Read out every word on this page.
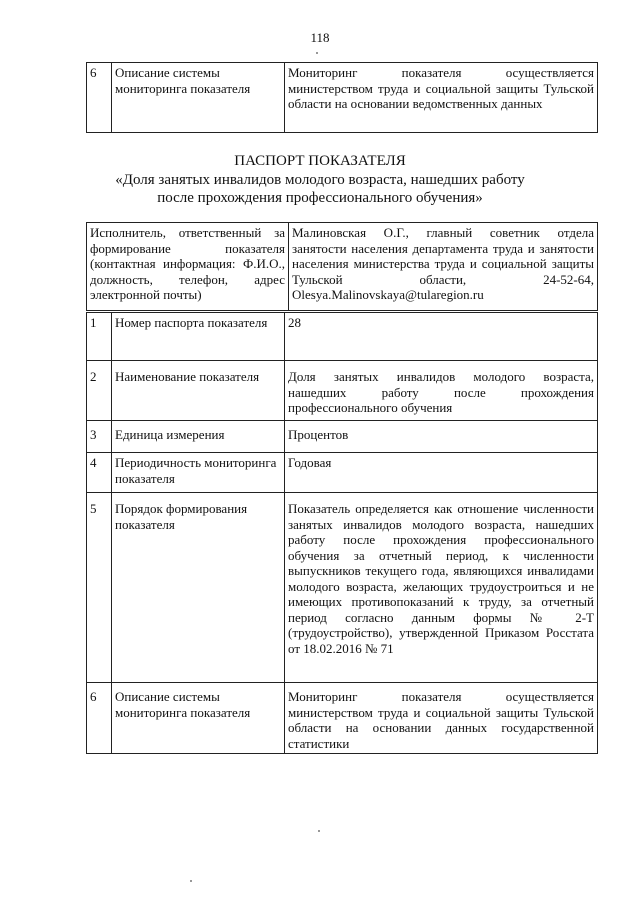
118
6	Описание системы мониторинга показателя	Мониторинг показателя осуществляется министерством труда и социальной защиты Тульской области на основании ведомственных данных
ПАСПОРТ ПОКАЗАТЕЛЯ
«Доля занятых инвалидов молодого возраста, нашедших работу после прохождения профессионального обучения»
Исполнитель, ответственный за формирование показателя (контактная информация: Ф.И.О., должность, телефон, адрес электронной почты)	Малиновская О.Г., главный советник отдела занятости населения департамента труда и занятости населения министерства труда и социальной защиты Тульской области, 24-52-64, Olesya.Malinovskaya@tularegion.ru
1	Номер паспорта показателя	28
2	Наименование показателя	Доля занятых инвалидов молодого возраста, нашедших работу после прохождения профессионального обучения
3	Единица измерения	Процентов
4	Периодичность мониторинга показателя	Годовая
5	Порядок формирования показателя	Показатель определяется как отношение численности занятых инвалидов молодого возраста, нашедших работу после прохождения профессионального обучения за отчетный период, к численности выпускников текущего года, являющихся инвалидами молодого возраста, желающих трудоустроиться и не имеющих противопоказаний к труду, за отчетный период согласно данным формы № 2-Т (трудоустройство), утвержденной Приказом Росстата от 18.02.2016 № 71
6	Описание системы мониторинга показателя	Мониторинг показателя осуществляется министерством труда и социальной защиты Тульской области на основании данных государственной статистики
